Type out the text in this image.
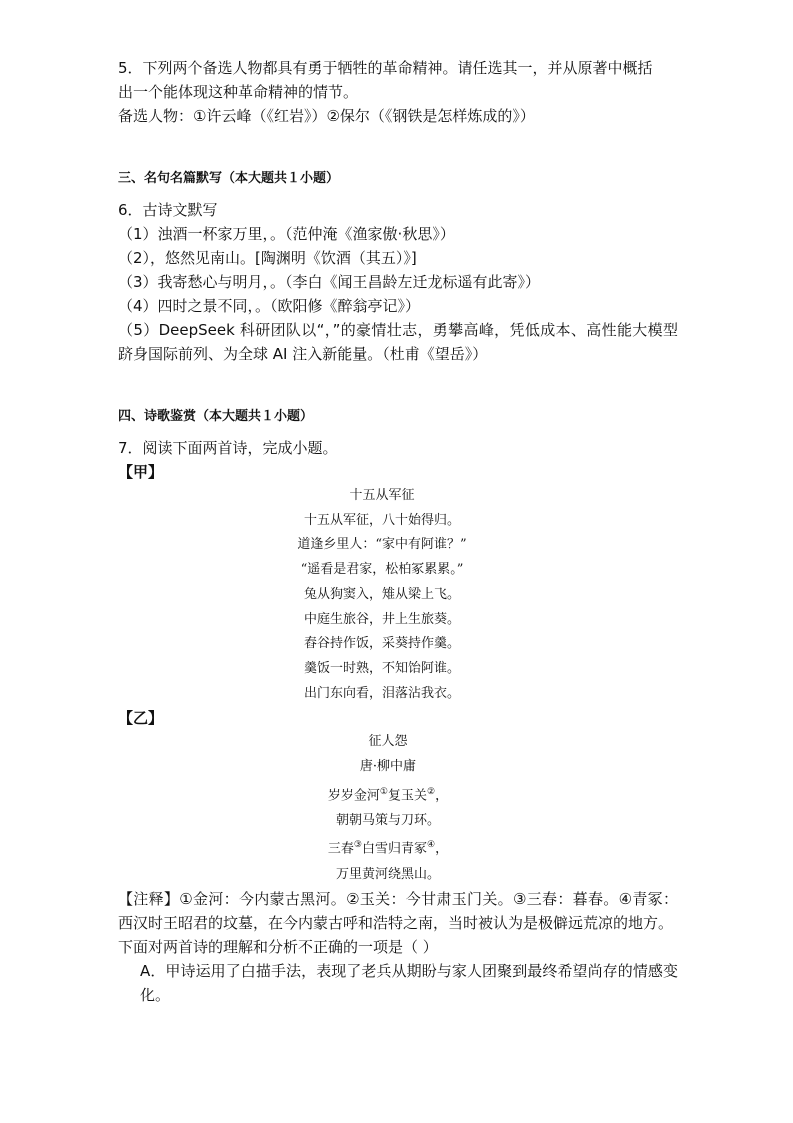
5．下列两个备选人物都具有勇于牺牲的革命精神。请任选其一，并从原著中概括

出一个能体现这种革命精神的情节。

备选人物：①许云峰（《红岩》）②保尔（《钢铁是怎样炼成的》）

三、名句名篇默写（本大题共１小题）

6．古诗文默写

（1）浊酒一杯家万里，。（范仲淹《渔家傲·秋思》）

（2），悠然见南山。[陶渊明《饮酒（其五）》]

（3）我寄愁心与明月，。（李白《闻王昌龄左迁龙标遥有此寄》）

（4）四时之景不同，。（欧阳修《醉翁亭记》）

（5）DeepSeek 科研团队以“，”的豪情壮志，勇攀高峰，凭低成本、高性能大模型跻身国际前列、为全球 AI 注入新能量。（杜甫《望岳》）

四、诗歌鉴赏（本大题共１小题）

7．阅读下面两首诗，完成小题。

【甲】

十五从军征

十五从军征，八十始得归。

道逢乡里人：“家中有阿谁？”

“遥看是君家，松柏冢累累。”

兔从狗窦入，雉从梁上飞。

中庭生旅谷，井上生旅葵。

舂谷持作饭，采葵持作羹。

羹饭一时熟，不知饴阿谁。

出门东向看，泪落沾我衣。

【乙】

征人怨

唐·柳中庸

岁岁金河①复玉关②，

朝朝马策与刀环。

三春③白雪归青冢④，

万里黄河绕黑山。

【注释】①金河：今内蒙古黑河。②玉关：今甘肃玉门关。③三春：暮春。④青冢：西汉时王昭君的坟墓，在今内蒙古呼和浩特之南，当时被认为是极僻远荒凉的地方。

下面对两首诗的理解和分析不正确的一项是（ ）

A．甲诗运用了白描手法，表现了老兵从期盼与家人团聚到最终希望尚存的情感变化。
